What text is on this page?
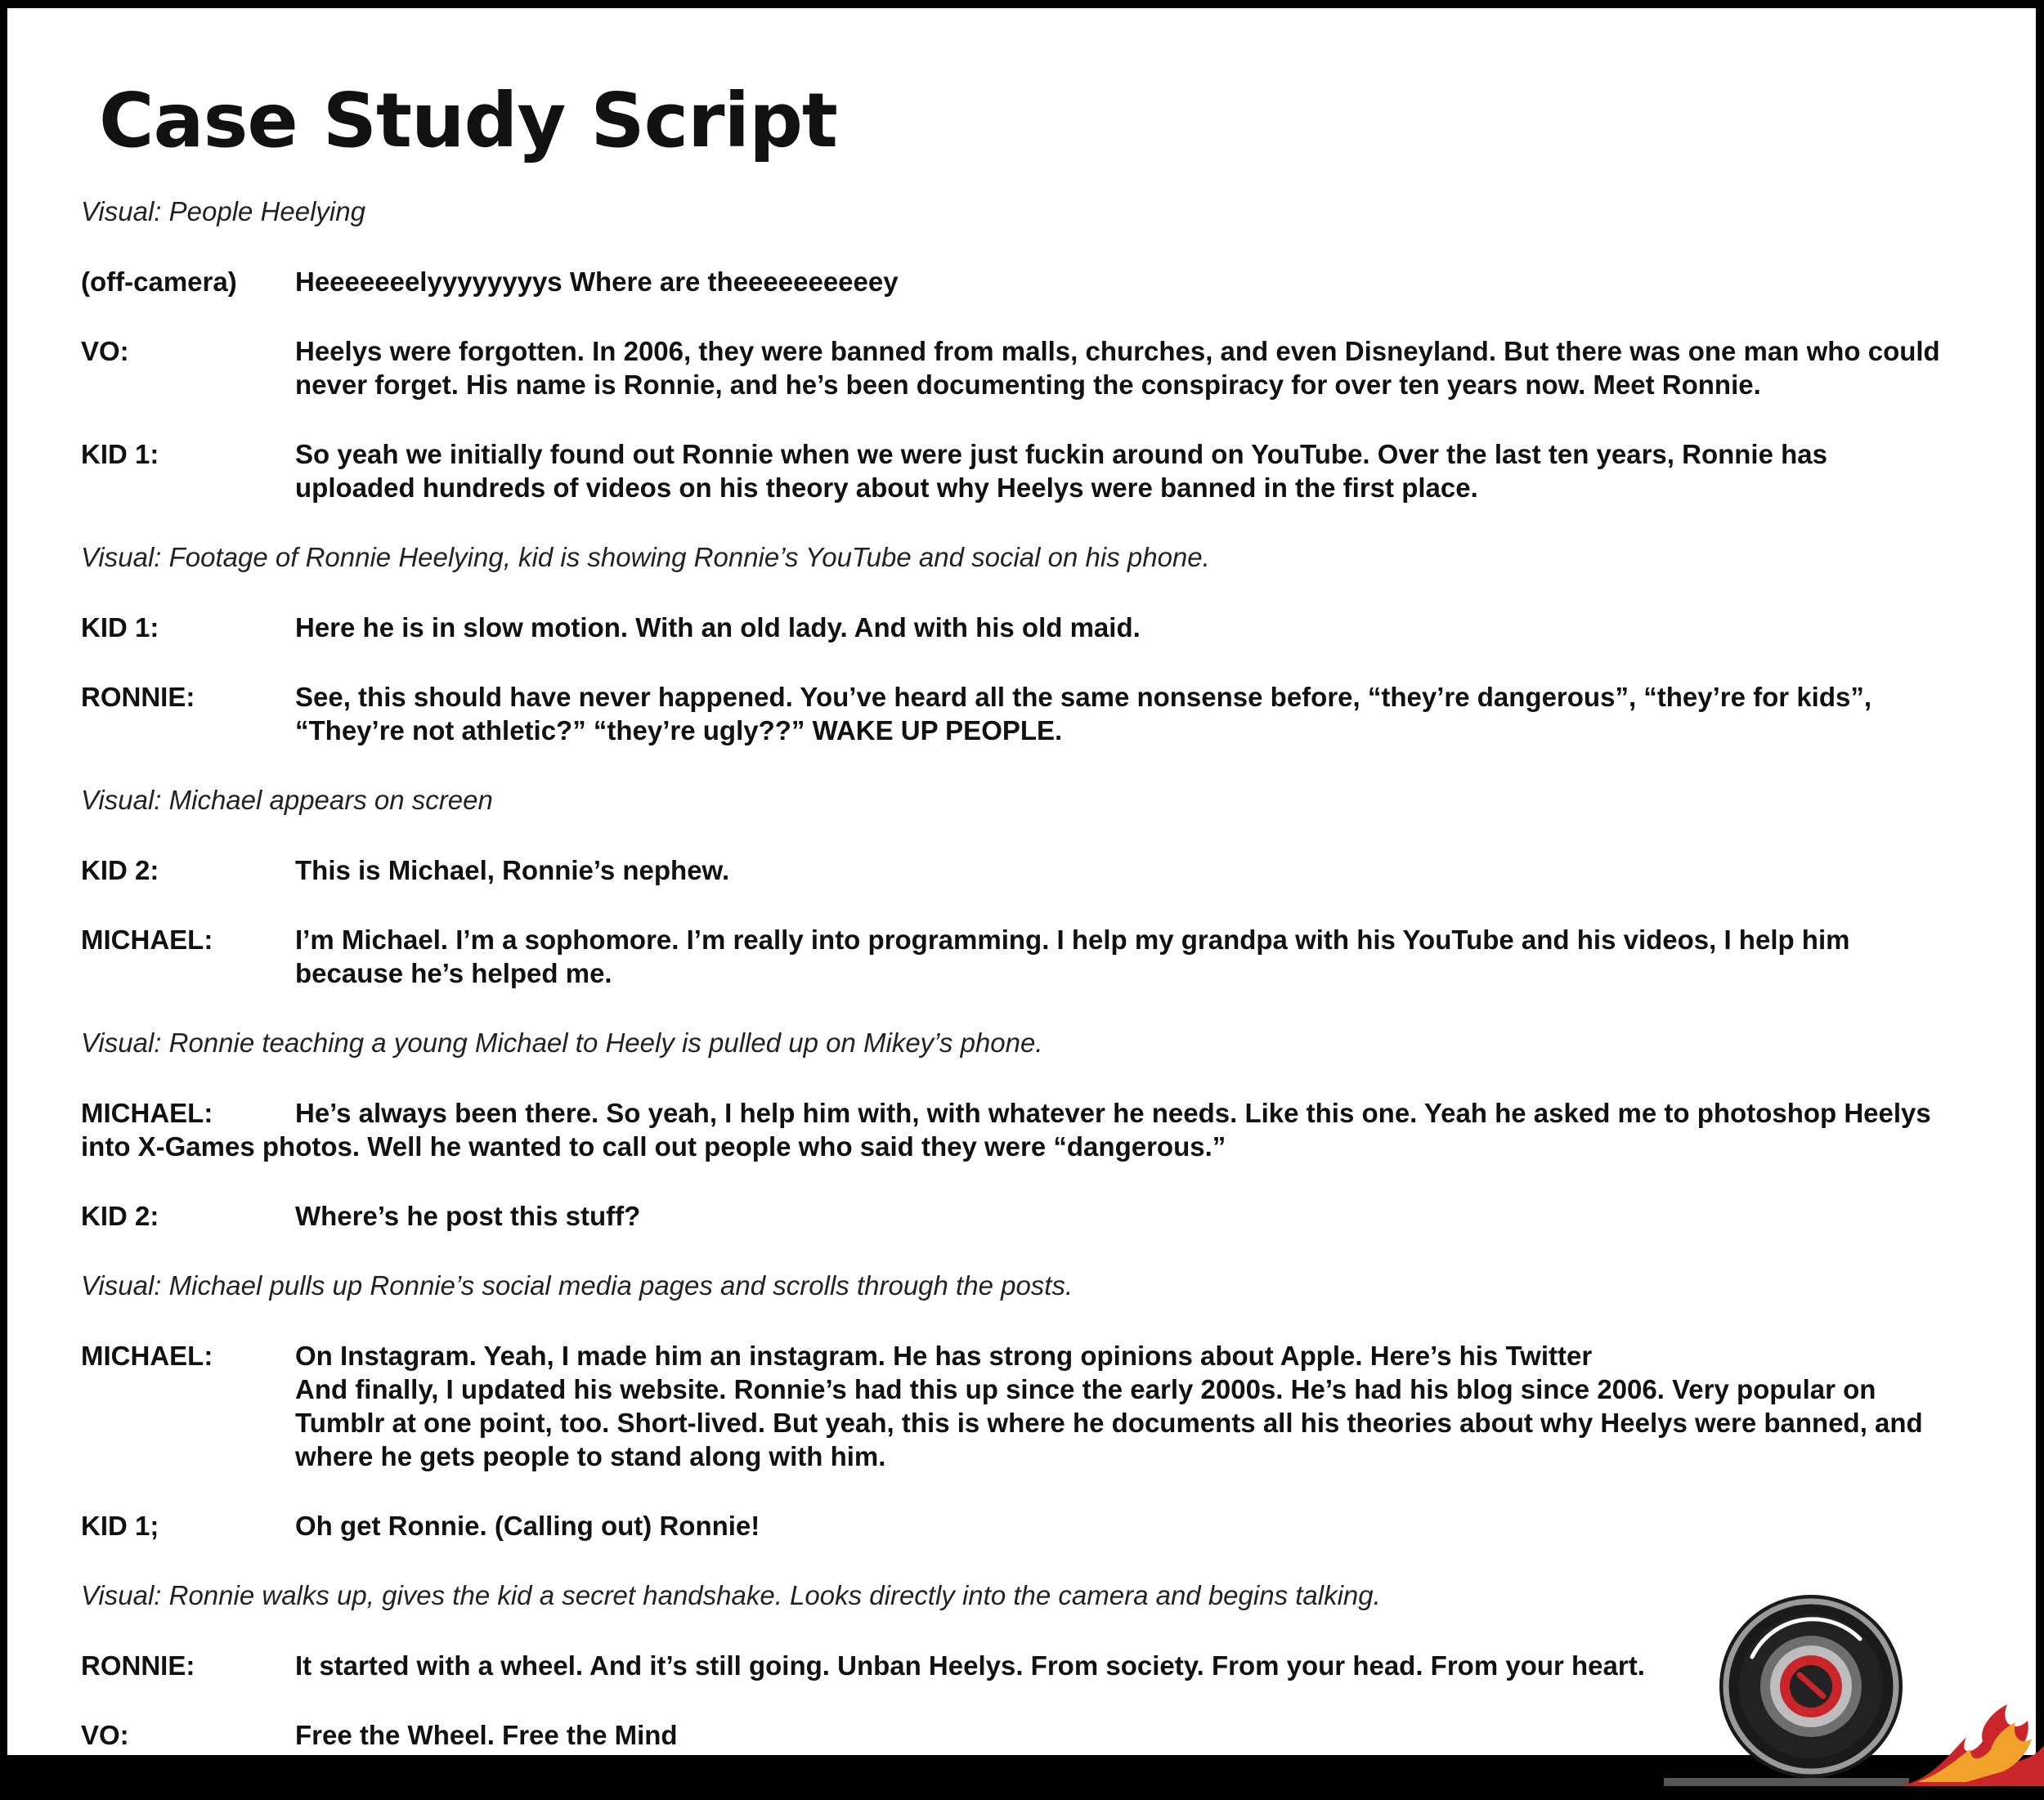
Case Study Script
Visual: People Heelying
(off-camera)	Heeeeeeelyyyyyyyys Where are theeeeeeeeeey
VO:	Heelys were forgotten. In 2006, they were banned from malls, churches, and even Disneyland. But there was one man who could never forget. His name is Ronnie, and he’s been documenting the conspiracy for over ten years now. Meet Ronnie.
KID 1:	So yeah we initially found out Ronnie when we were just fuckin around on YouTube. Over the last ten years, Ronnie has uploaded hundreds of videos on his theory about why Heelys were banned in the first place.
Visual: Footage of Ronnie Heelying, kid is showing Ronnie’s YouTube and social on his phone.
KID 1:	Here he is in slow motion. With an old lady. And with his old maid.
RONNIE:	See, this should have never happened. You’ve heard all the same nonsense before, “they’re dangerous”, “they’re for kids”, “They’re not athletic?” “they’re ugly??” WAKE UP PEOPLE.
Visual: Michael appears on screen
KID 2:	This is Michael, Ronnie’s nephew.
MICHAEL:	I’m Michael. I’m a sophomore. I’m really into programming. I help my grandpa with his YouTube and his videos, I help him because he’s helped me.
Visual: Ronnie teaching a young Michael to Heely is pulled up on Mikey’s phone.
MICHAEL:	He’s always been there. So yeah, I help him with, with whatever he needs. Like this one. Yeah he asked me to photoshop Heelys into X-Games photos. Well he wanted to call out people who said they were “dangerous.”
KID 2:	Where’s he post this stuff?
Visual: Michael pulls up Ronnie’s social media pages and scrolls through the posts.
MICHAEL:	On Instagram. Yeah, I made him an instagram. He has strong opinions about Apple. Here’s his Twitter
And finally, I updated his website. Ronnie’s had this up since the early 2000s. He’s had his blog since 2006. Very popular on Tumblr at one point, too. Short-lived. But yeah, this is where he documents all his theories about why Heelys were banned, and where he gets people to stand along with him.
KID 1;	Oh get Ronnie. (Calling out) Ronnie!
Visual: Ronnie walks up, gives the kid a secret handshake. Looks directly into the camera and begins talking.
RONNIE:	It started with a wheel. And it’s still going. Unban Heelys. From society. From your head. From your heart.
VO:	Free the Wheel. Free the Mind
